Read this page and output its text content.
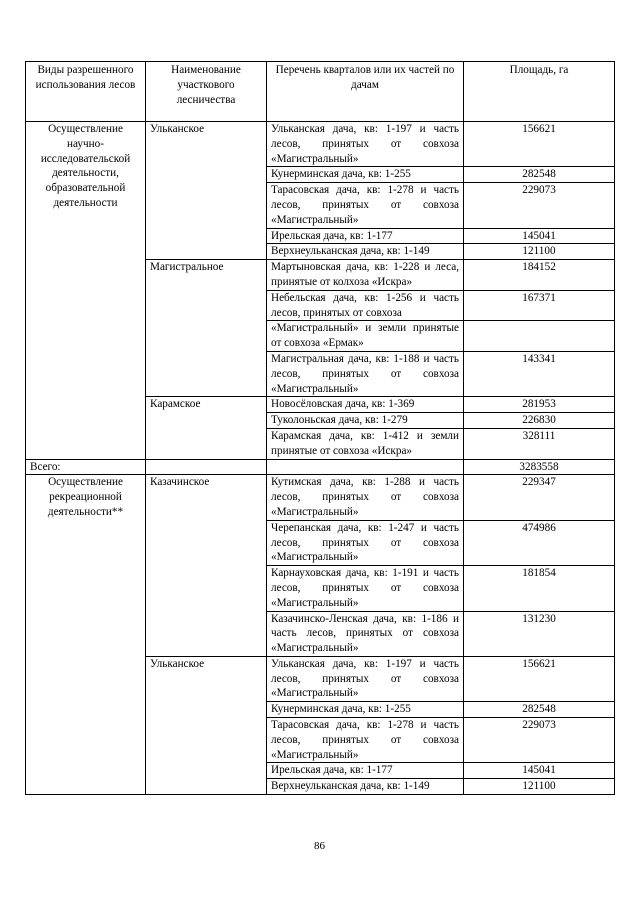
Виды разрешенного использования лесов	Наименование участкового лесничества	Перечень кварталов или их частей по дачам	Площадь, га
Осуществление научно-исследовательской деятельности, образовательной деятельности	Ульканское	Ульканская дача, кв: 1-197 и часть лесов, принятых от совхоза «Магистральный»	156621
		Кунерминская дача, кв: 1-255	282548
		Тарасовская дача, кв: 1-278 и часть лесов, принятых от совхоза «Магистральный»	229073
		Ирельская дача, кв: 1-177	145041
		Верхнеульканская дача, кв: 1-149	121100
	Магистральное	Мартыновская дача, кв: 1-228 и леса, принятые от колхоза «Искра»	184152
		Небельская дача, кв: 1-256 и часть лесов, принятых от совхоза	167371
		«Магистральный» и земли принятые от совхоза «Ермак»	
		Магистральная дача, кв: 1-188 и часть лесов, принятых от совхоза «Магистральный»	143341
	Карамское	Новосёловская дача, кв: 1-369	281953
		Туколоньская дача, кв: 1-279	226830
		Карамская дача, кв: 1-412 и земли принятые от совхоза «Искра»	328111
Всего:			3283558
Осуществление рекреационной деятельности**	Казачинское	Кутимская дача, кв: 1-288 и часть лесов, принятых от совхоза «Магистральный»	229347
		Черепанская дача, кв: 1-247 и часть лесов, принятых от совхоза «Магистральный»	474986
		Карнауховская дача, кв: 1-191 и часть лесов, принятых от совхоза «Магистральный»	181854
		Казачинско-Ленская дача, кв: 1-186 и часть лесов, принятых от совхоза «Магистральный»	131230
	Ульканское	Ульканская дача, кв: 1-197 и часть лесов, принятых от совхоза «Магистральный»	156621
		Кунерминская дача, кв: 1-255	282548
		Тарасовская дача, кв: 1-278 и часть лесов, принятых от совхоза «Магистральный»	229073
		Ирельская дача, кв: 1-177	145041
		Верхнеульканская дача, кв: 1-149	121100
86
